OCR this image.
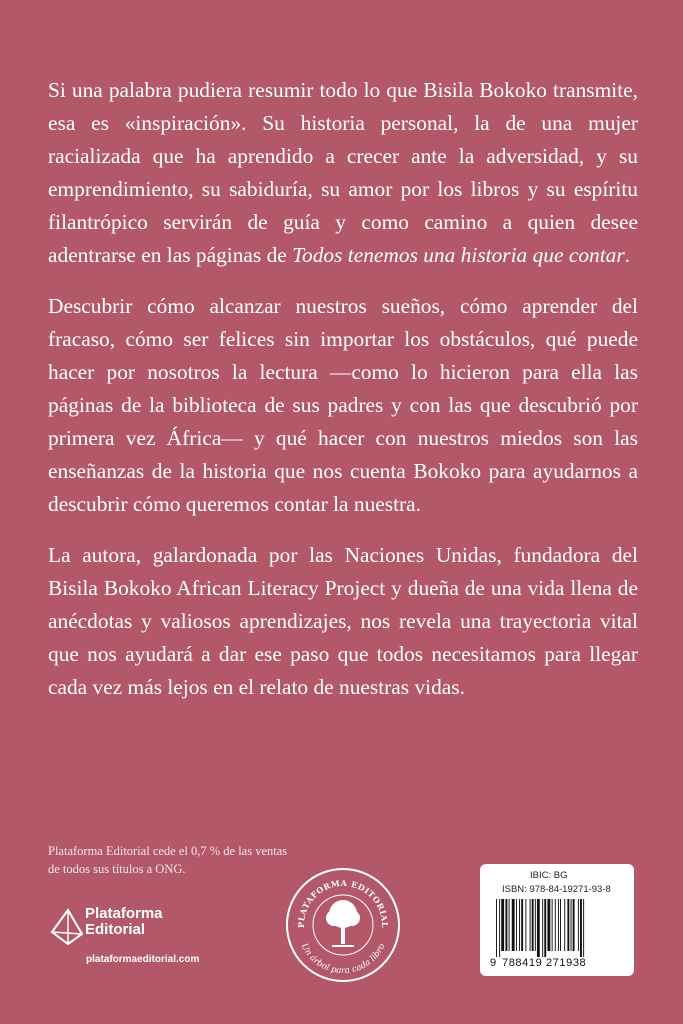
Si una palabra pudiera resumir todo lo que Bisila Bokoko transmite, esa es «inspiración». Su historia personal, la de una mujer racializada que ha aprendido a crecer ante la adversidad, y su emprendimiento, su sabiduría, su amor por los libros y su espíritu filantrópico servirán de guía y como camino a quien desee adentrarse en las páginas de Todos tenemos una historia que contar.

Descubrir cómo alcanzar nuestros sueños, cómo aprender del fracaso, cómo ser felices sin importar los obstáculos, qué puede hacer por nosotros la lectura —como lo hicieron para ella las páginas de la biblioteca de sus padres y con las que descubrió por primera vez África— y qué hacer con nuestros miedos son las enseñanzas de la historia que nos cuenta Bokoko para ayudarnos a descubrir cómo queremos contar la nuestra.

La autora, galardonada por las Naciones Unidas, fundadora del Bisila Bokoko African Literacy Project y dueña de una vida llena de anécdotas y valiosos aprendizajes, nos revela una trayectoria vital que nos ayudará a dar ese paso que todos necesitamos para llegar cada vez más lejos en el relato de nuestras vidas.

Plataforma Editorial cede el 0,7 % de las ventas
de todos sus títulos a ONG.
Plataforma
Editorial
plataformaeditorial.com
PLATAFORMA EDITORIAL
Un árbol para cada libro
IBIC: BG
ISBN: 978-84-19271-93-8
9 788419 271938
